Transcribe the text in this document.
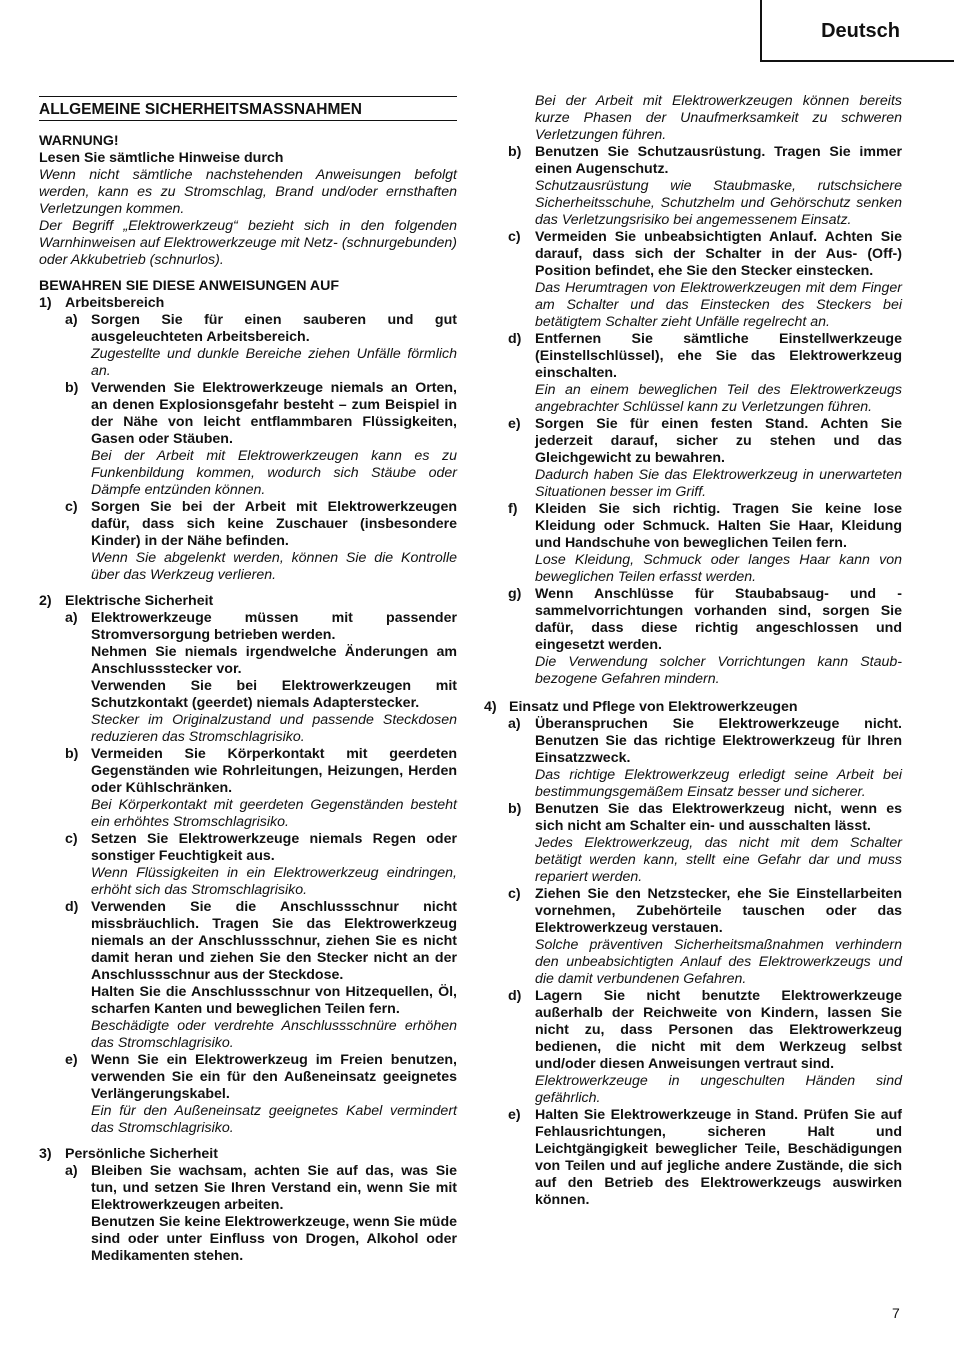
Deutsch
ALLGEMEINE SICHERHEITSMASSNAHMEN

WARNUNG!

Lesen Sie sämtliche Hinweise durch

Wenn nicht sämtliche nachstehenden Anweisungen befolgt werden, kann es zu Stromschlag, Brand und/oder ernsthaften Verletzungen kommen.

Der Begriff „Elektrowerkzeug“ bezieht sich in den folgenden Warnhinweisen auf Elektrowerkzeuge mit Netz- (schnurgebunden) oder Akkubetrieb (schnurlos).

BEWAHREN SIE DIESE ANWEISUNGEN AUF

1) Arbeitsbereich
a) Sorgen Sie für einen sauberen und gut ausgeleuchteten Arbeitsbereich.

Zugestellte und dunkle Bereiche ziehen Unfälle förmlich an.

b) Verwenden Sie Elektrowerkzeuge niemals an Orten, an denen Explosionsgefahr besteht – zum Beispiel in der Nähe von leicht entflammbaren Flüssigkeiten, Gasen oder Stäuben.

Bei der Arbeit mit Elektrowerkzeugen kann es zu Funkenbildung kommen, wodurch sich Stäube oder Dämpfe entzünden können.

c) Sorgen Sie bei der Arbeit mit Elektrowerkzeugen dafür, dass sich keine Zuschauer (insbesondere Kinder) in der Nähe befinden.

Wenn Sie abgelenkt werden, können Sie die Kontrolle über das Werkzeug verlieren.

2) Elektrische Sicherheit
a) Elektrowerkzeuge müssen mit passender Stromversorgung betrieben werden.

Nehmen Sie niemals irgendwelche Änderungen am Anschlussstecker vor.

Verwenden Sie bei Elektrowerkzeugen mit Schutzkontakt (geerdet) niemals Adapterstecker.

Stecker im Originalzustand und passende Steckdosen reduzieren das Stromschlagrisiko.

b) Vermeiden Sie Körperkontakt mit geerdeten Gegenständen wie Rohrleitungen, Heizungen, Herden oder Kühlschränken.

Bei Körperkontakt mit geerdeten Gegenständen besteht ein erhöhtes Stromschlagrisiko.

c) Setzen Sie Elektrowerkzeuge niemals Regen oder sonstiger Feuchtigkeit aus.

Wenn Flüssigkeiten in ein Elektrowerkzeug eindringen, erhöht sich das Stromschlagrisiko.

d) Verwenden Sie die Anschlussschnur nicht missbräuchlich. Tragen Sie das Elektrowerkzeug niemals an der Anschlussschnur, ziehen Sie es nicht damit heran und ziehen Sie den Stecker nicht an der Anschlussschnur aus der Steckdose.

Halten Sie die Anschlussschnur von Hitzequellen, Öl, scharfen Kanten und beweglichen Teilen fern.

Beschädigte oder verdrehte Anschlussschnüre erhöhen das Stromschlagrisiko.

e) Wenn Sie ein Elektrowerkzeug im Freien benutzen, verwenden Sie ein für den Außeneinsatz geeignetes Verlängerungskabel.

Ein für den Außeneinsatz geeignetes Kabel vermindert das Stromschlagrisiko.

3) Persönliche Sicherheit
a) Bleiben Sie wachsam, achten Sie auf das, was Sie tun, und setzen Sie Ihren Verstand ein, wenn Sie mit Elektrowerkzeugen arbeiten.

Benutzen Sie keine Elektrowerkzeuge, wenn Sie müde sind oder unter Einfluss von Drogen, Alkohol oder Medikamenten stehen.

Bei der Arbeit mit Elektrowerkzeugen können bereits kurze Phasen der Unaufmerksamkeit zu schweren Verletzungen führen.

b) Benutzen Sie Schutzausrüstung. Tragen Sie immer einen Augenschutz.

Schutzausrüstung wie Staubmaske, rutschsichere Sicherheitsschuhe, Schutzhelm und Gehörschutz senken das Verletzungsrisiko bei angemessenem Einsatz.

c) Vermeiden Sie unbeabsichtigten Anlauf. Achten Sie darauf, dass sich der Schalter in der Aus- (Off-) Position befindet, ehe Sie den Stecker einstecken.

Das Herumtragen von Elektrowerkzeugen mit dem Finger am Schalter und das Einstecken des Steckers bei betätigtem Schalter zieht Unfälle regelrecht an.

d) Entfernen Sie sämtliche Einstellwerkzeuge (Einstellschlüssel), ehe Sie das Elektrowerkzeug einschalten.

Ein an einem beweglichen Teil des Elektrowerkzeugs angebrachter Schlüssel kann zu Verletzungen führen.

e) Sorgen Sie für einen festen Stand. Achten Sie jederzeit darauf, sicher zu stehen und das Gleichgewicht zu bewahren.

Dadurch haben Sie das Elektrowerkzeug in unerwarteten Situationen besser im Griff.

f) Kleiden Sie sich richtig. Tragen Sie keine lose Kleidung oder Schmuck. Halten Sie Haar, Kleidung und Handschuhe von beweglichen Teilen fern.

Lose Kleidung, Schmuck oder langes Haar kann von beweglichen Teilen erfasst werden.

g) Wenn Anschlüsse für Staubabsaug- und -sammelvorrichtungen vorhanden sind, sorgen Sie dafür, dass diese richtig angeschlossen und eingesetzt werden.

Die Verwendung solcher Vorrichtungen kann Staub-bezogene Gefahren mindern.

4) Einsatz und Pflege von Elektrowerkzeugen
a) Überanspruchen Sie Elektrowerkzeuge nicht. Benutzen Sie das richtige Elektrowerkzeug für Ihren Einsatzzweck.

Das richtige Elektrowerkzeug erledigt seine Arbeit bei bestimmungsgemäßem Einsatz besser und sicherer.

b) Benutzen Sie das Elektrowerkzeug nicht, wenn es sich nicht am Schalter ein- und ausschalten lässt.

Jedes Elektrowerkzeug, das nicht mit dem Schalter betätigt werden kann, stellt eine Gefahr dar und muss repariert werden.

c) Ziehen Sie den Netzstecker, ehe Sie Einstellarbeiten vornehmen, Zubehörteile tauschen oder das Elektrowerkzeug verstauen.

Solche präventiven Sicherheitsmaßnahmen verhindern den unbeabsichtigten Anlauf des Elektrowerkzeugs und die damit verbundenen Gefahren.

d) Lagern Sie nicht benutzte Elektrowerkzeuge außerhalb der Reichweite von Kindern, lassen Sie nicht zu, dass Personen das Elektrowerkzeug bedienen, die nicht mit dem Werkzeug selbst und/oder diesen Anweisungen vertraut sind.

Elektrowerkzeuge in ungeschulten Händen sind gefährlich.

e) Halten Sie Elektrowerkzeuge in Stand. Prüfen Sie auf Fehlausrichtungen, sicheren Halt und Leichtgängigkeit beweglicher Teile, Beschädigungen von Teilen und auf jegliche andere Zustände, die sich auf den Betrieb des Elektrowerkzeugs auswirken können.

7
